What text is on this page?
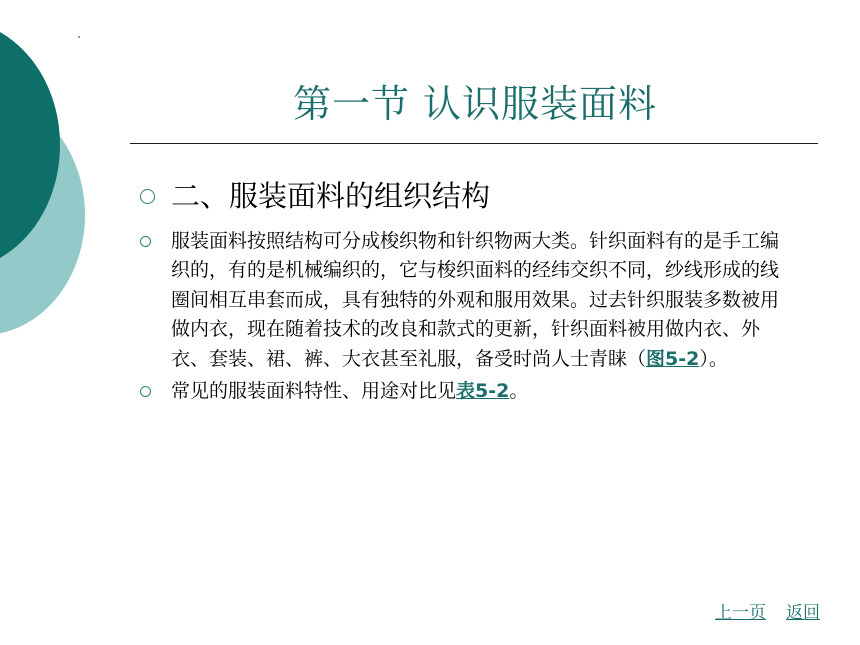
第一节 认识服装面料
二、服装面料的组织结构
服装面料按照结构可分成梭织物和针织物两大类。针织面料有的是手工编织的，有的是机械编织的，它与梭织面料的经纬交织不同，纱线形成的线圈间相互串套而成，具有独特的外观和服用效果。过去针织服装多数被用做内衣，现在随着技术的改良和款式的更新，针织面料被用做内衣、外衣、套装、裙、裤、大衣甚至礼服，备受时尚人士青睐（图5-2）。
常见的服装面料特性、用途对比见表5-2。
上一页 返回
